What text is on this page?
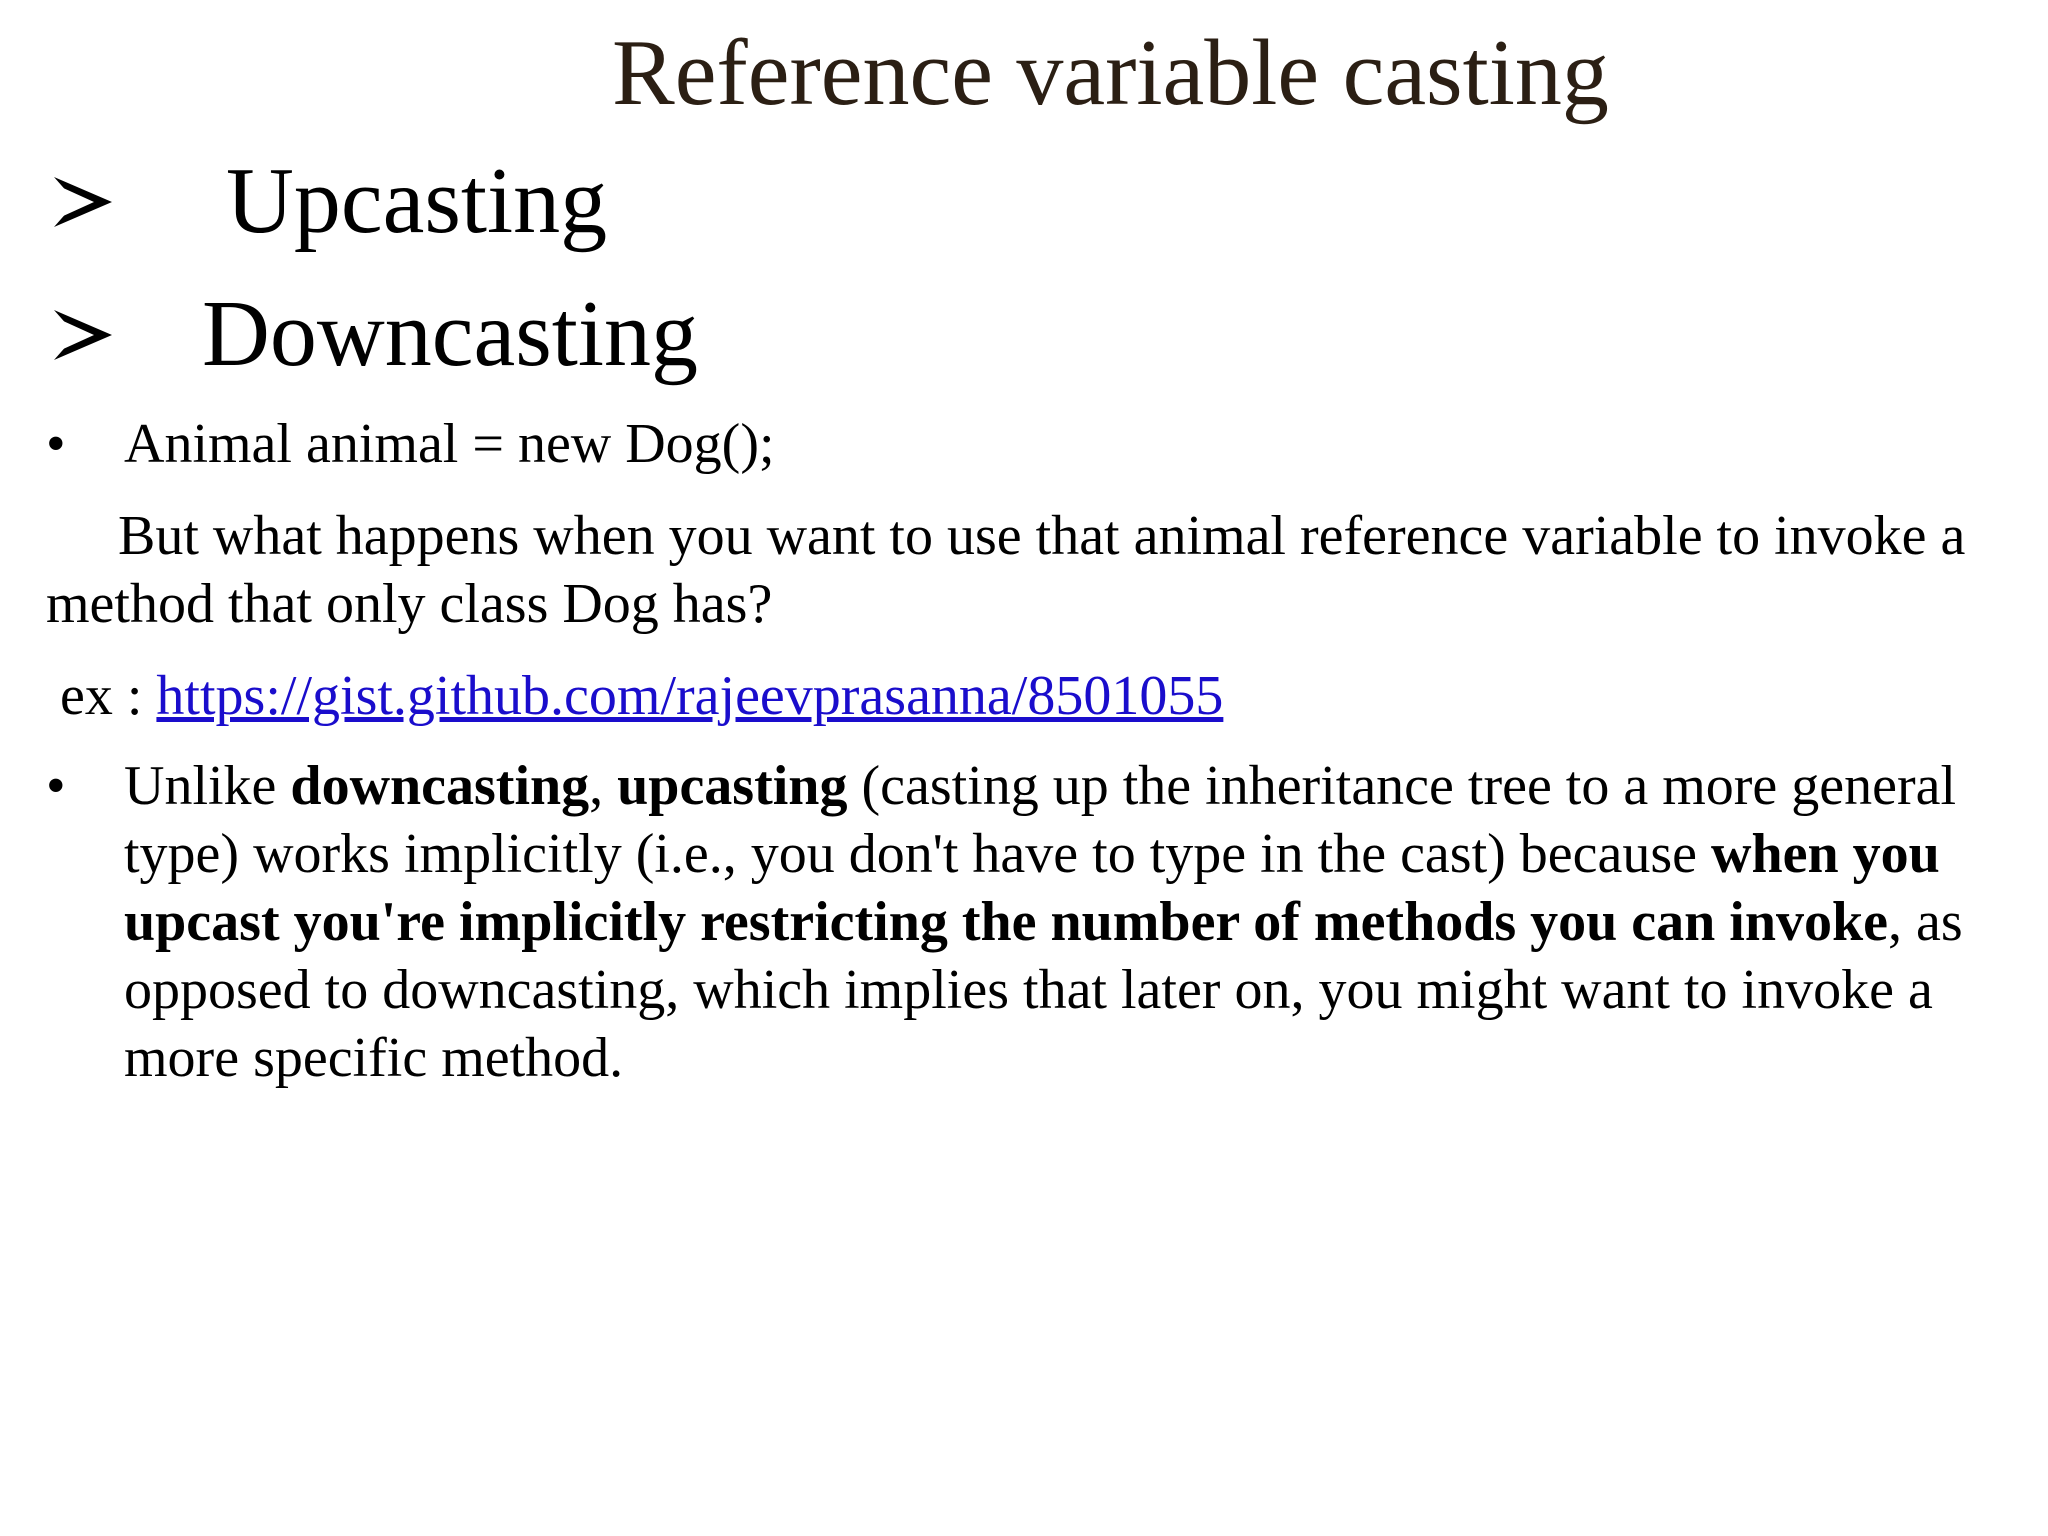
Reference variable casting
Upcasting
Downcasting
• Animal animal = new Dog();
But what happens when you want to use that animal reference variable to invoke a method that only class Dog has?
ex : https://gist.github.com/rajeevprasanna/8501055
• Unlike downcasting, upcasting (casting up the inheritance tree to a more general type) works implicitly (i.e., you don't have to type in the cast) because when you upcast you're implicitly restricting the number of methods you can invoke, as opposed to downcasting, which implies that later on, you might want to invoke a more specific method.
